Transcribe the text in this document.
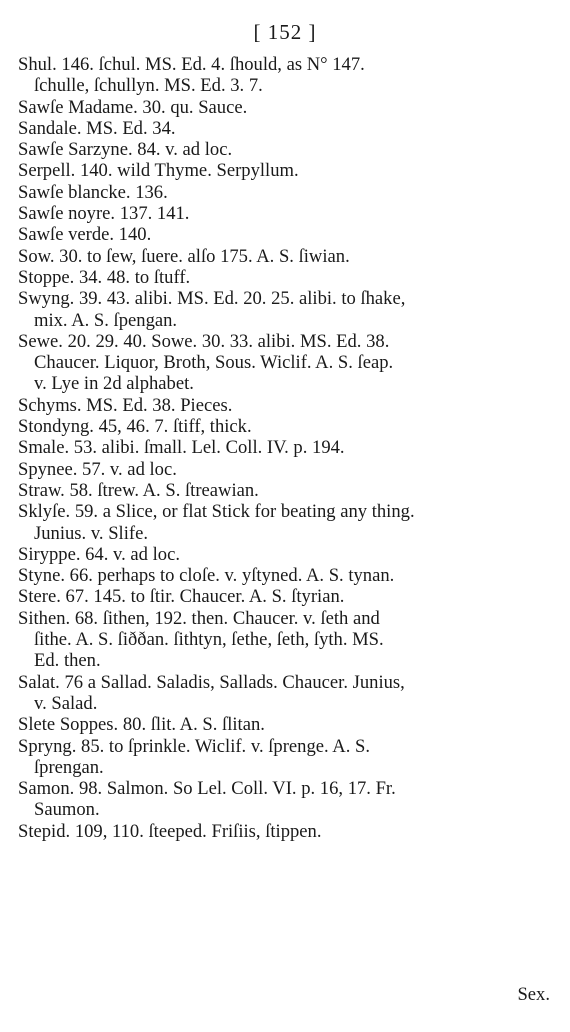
[ 152 ]
Shul. 146. ſchul. MS. Ed. 4. ſhould, as N° 147.
ſchulle, ſchullyn. MS. Ed. 3. 7.
Sawſe Madame. 30. qu. Sauce.
Sandale. MS. Ed. 34.
Sawſe Sarzyne. 84. v. ad loc.
Serpell. 140. wild Thyme. Serpyllum.
Sawſe blancke. 136.
Sawſe noyre. 137. 141.
Sawſe verde. 140.
Sow. 30. to ſew, ſuere. alſo 175. A. S. ſiwian.
Stoppe. 34. 48. to ſtuff.
Swyng. 39. 43. alibi. MS. Ed. 20. 25. alibi. to ſhake,
mix. A. S. ſpengan.
Sewe. 20. 29. 40. Sowe. 30. 33. alibi. MS. Ed. 38.
Chaucer. Liquor, Broth, Sous. Wiclif. A. S. ſeap.
v. Lye in 2d alphabet.
Schyms. MS. Ed. 38. Pieces.
Stondyng. 45, 46. 7. ſtiff, thick.
Smale. 53. alibi. ſmall. Lel. Coll. IV. p. 194.
Spynee. 57. v. ad loc.
Straw. 58. ſtrew. A. S. ſtreawian.
Sklyſe. 59. a Slice, or flat Stick for beating any thing.
Junius. v. Slife.
Siryppe. 64. v. ad loc.
Styne. 66. perhaps to cloſe. v. yſtyned. A. S. tynan.
Stere. 67. 145. to ſtir. Chaucer. A. S. ſtyrian.
Sithen. 68. ſithen, 192. then. Chaucer. v. ſeth and
ſithe. A. S. ſiððan. ſithtyn, ſethe, ſeth, ſyth. MS.
Ed. then.
Salat. 76 a Sallad. Saladis, Sallads. Chaucer. Junius,
v. Salad.
Slete Soppes. 80. ſlit. A. S. ſlitan.
Spryng. 85. to ſprinkle. Wiclif. v. ſprenge. A. S.
ſprengan.
Samon. 98. Salmon. So Lel. Coll. VI. p. 16, 17. Fr.
Saumon.
Stepid. 109, 110. ſteeped. Friſiis, ſtippen.
Sex.
